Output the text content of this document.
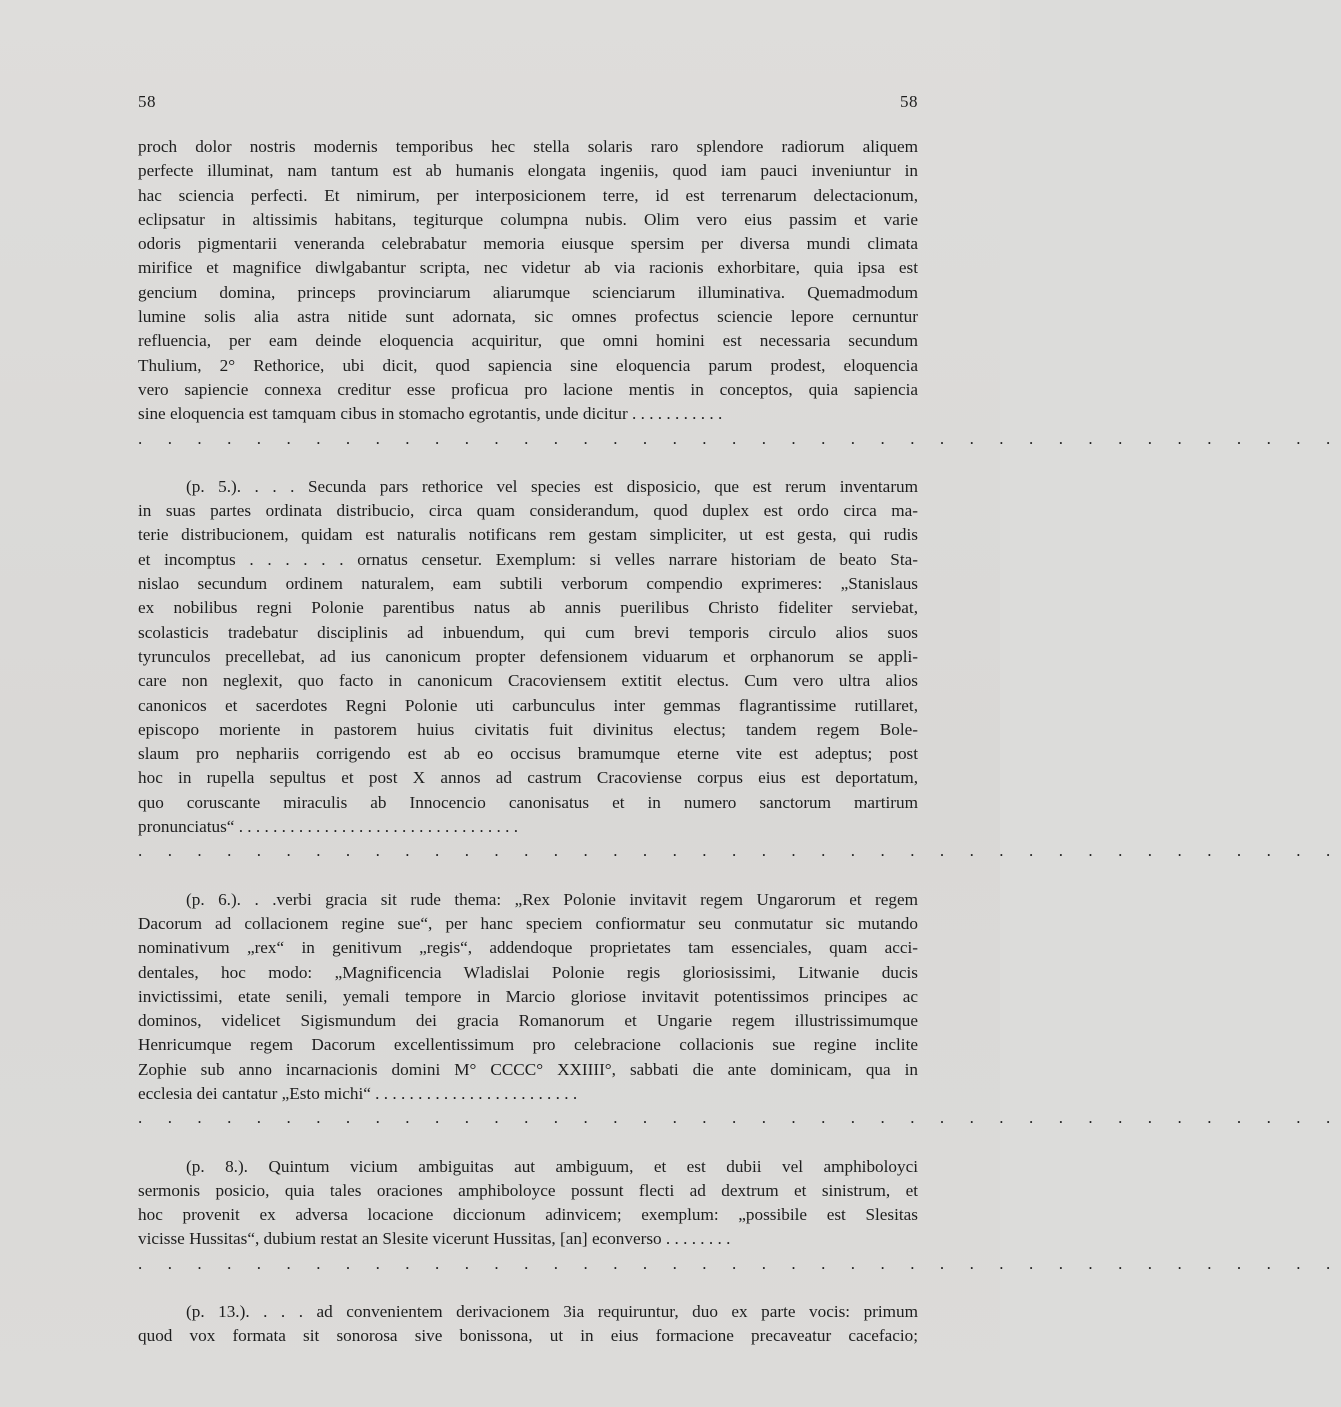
58	58
proch dolor nostris modernis temporibus hec stella solaris raro splendore radiorum aliquem
perfecte illuminat, nam tantum est ab humanis elongata ingeniis, quod iam pauci inveniuntur in
hac sciencia perfecti. Et nimirum, per interposicionem terre, id est terrenarum delectacionum,
eclipsatur in altissimis habitans, tegiturque columpna nubis. Olim vero eius passim et varie
odoris pigmentarii veneranda celebrabatur memoria eiusque spersim per diversa mundi climata
mirifice et magnifice diwlgabantur scripta, nec videtur ab via racionis exhorbitare, quia ipsa est
gencium domina, princeps provinciarum aliarumque scienciarum illuminativa. Quemadmodum
lumine solis alia astra nitide sunt adornata, sic omnes profectus sciencie lepore cernuntur
refluencia, per eam deinde eloquencia acquiritur, que omni homini est necessaria secundum
Thulium, 2° Rethorice, ubi dicit, quod sapiencia sine eloquencia parum prodest, eloquencia
vero sapiencie connexa creditur esse proficua pro lacione mentis in conceptos, quia sapiencia
sine eloquencia est tamquam cibus in stomacho egrotantis, unde dicitur . . . . . . . . . . .
. . . . . . . . . . . . . . . . . . . . . . . . . . . . . . . . . . . . . . . . .
(p. 5.). . . . Secunda pars rethorice vel species est disposicio, que est rerum inventarum
in suas partes ordinata distribucio, circa quam considerandum, quod duplex est ordo circa ma-
terie distribucionem, quidam est naturalis notificans rem gestam simpliciter, ut est gesta, qui rudis
et incomptus . . . . . . ornatus censetur. Exemplum: si velles narrare historiam de beato Sta-
nislao secundum ordinem naturalem, eam subtili verborum compendio exprimeres: „Stanislaus
ex nobilibus regni Polonie parentibus natus ab annis puerilibus Christo fideliter serviebat,
scolasticis tradebatur disciplinis ad inbuendum, qui cum brevi temporis circulo alios suos
tyrunculos precellebat, ad ius canonicum propter defensionem viduarum et orphanorum se appli-
care non neglexit, quo facto in canonicum Cracoviensem extitit electus. Cum vero ultra alios
canonicos et sacerdotes Regni Polonie uti carbunculus inter gemmas flagrantissime rutillaret,
episcopo moriente in pastorem huius civitatis fuit divinitus electus; tandem regem Bole-
slaum pro nephariis corrigendo est ab eo occisus bramumque eterne vite est adeptus; post
hoc in rupella sepultus et post X annos ad castrum Cracoviense corpus eius est deportatum,
quo coruscante miraculis ab Innocencio canonisatus et in numero sanctorum martirum
pronunciatus“ . . . . . . . . . . . . . . . . . . . . . . . . . . . . . . . . .
. . . . . . . . . . . . . . . . . . . . . . . . . . . . . . . . . . . . . . . . .
(p. 6.). . .verbi gracia sit rude thema: „Rex Polonie invitavit regem Ungarorum et regem
Dacorum ad collacionem regine sue“, per hanc speciem confiormatur seu conmutatur sic mutando
nominativum „rex“ in genitivum „regis“, addendoque proprietates tam essenciales, quam acci-
dentales, hoc modo: „Magnificencia Wladislai Polonie regis gloriosissimi, Litwanie ducis
invictissimi, etate senili, yemali tempore in Marcio gloriose invitavit potentissimos principes ac
dominos, videlicet Sigismundum dei gracia Romanorum et Ungarie regem illustrissimumque
Henricumque regem Dacorum excellentissimum pro celebracione collacionis sue regine inclite
Zophie sub anno incarnacionis domini M° CCCC° XXIIII°, sabbati die ante dominicam, qua in
ecclesia dei cantatur „Esto michi“ . . . . . . . . . . . . . . . . . . . . . . . .
. . . . . . . . . . . . . . . . . . . . . . . . . . . . . . . . . . . . . . . . .
(p. 8.). Quintum vicium ambiguitas aut ambiguum, et est dubii vel amphiboloyci
sermonis posicio, quia tales oraciones amphiboloyce possunt flecti ad dextrum et sinistrum, et
hoc provenit ex adversa locacione diccionum adinvicem; exemplum: „possibile est Slesitas
vicisse Hussitas“, dubium restat an Slesite vicerunt Hussitas, [an] econverso . . . . . . . .
. . . . . . . . . . . . . . . . . . . . . . . . . . . . . . . . . . . . . . . . .
(p. 13.). . . . ad convenientem derivacionem 3ia requiruntur, duo ex parte vocis: primum
quod vox formata sit sonorosa sive bonissona, ut in eius formacione precaveatur cacefacio;
